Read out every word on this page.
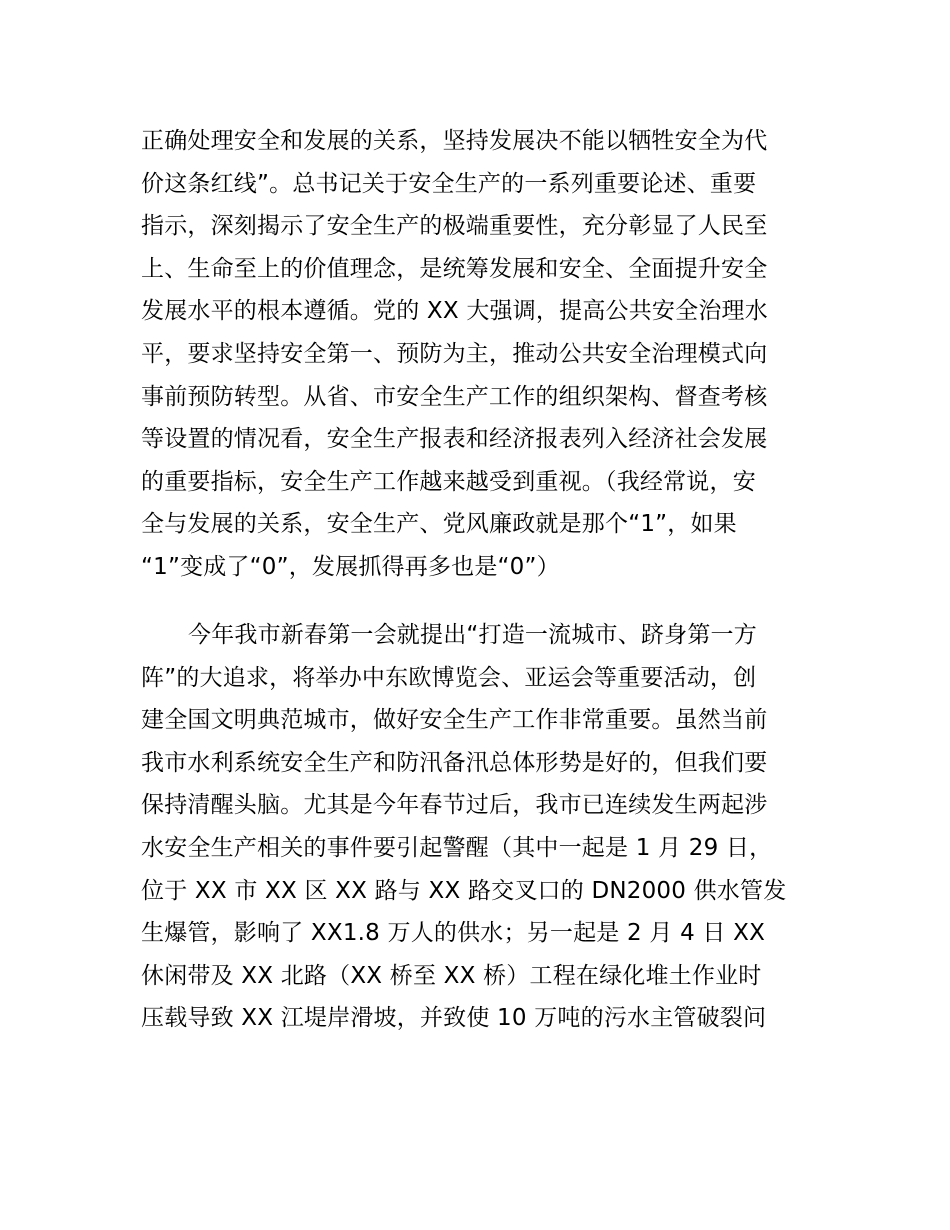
正确处理安全和发展的关系，坚持发展决不能以牺牲安全为代
价这条红线”。总书记关于安全生产的一系列重要论述、重要
指示，深刻揭示了安全生产的极端重要性，充分彰显了人民至
上、生命至上的价值理念，是统筹发展和安全、全面提升安全
发展水平的根本遵循。党的 XX 大强调，提高公共安全治理水
平，要求坚持安全第一、预防为主，推动公共安全治理模式向
事前预防转型。从省、市安全生产工作的组织架构、督查考核
等设置的情况看，安全生产报表和经济报表列入经济社会发展
的重要指标，安全生产工作越来越受到重视。（我经常说，安
全与发展的关系，安全生产、党风廉政就是那个“1”，如果
“1”变成了“0”，发展抓得再多也是“0”）
今年我市新春第一会就提出“打造一流城市、跻身第一方
阵”的大追求，将举办中东欧博览会、亚运会等重要活动，创
建全国文明典范城市，做好安全生产工作非常重要。虽然当前
我市水利系统安全生产和防汛备汛总体形势是好的，但我们要
保持清醒头脑。尤其是今年春节过后，我市已连续发生两起涉
水安全生产相关的事件要引起警醒（其中一起是 1 月 29 日，
位于 XX 市 XX 区 XX 路与 XX 路交叉口的 DN2000 供水管发
生爆管，影响了 XX1.8 万人的供水；另一起是 2 月 4 日 XX
休闲带及 XX 北路（XX 桥至 XX 桥）工程在绿化堆土作业时
压载导致 XX 江堤岸滑坡，并致使 10 万吨的污水主管破裂问
